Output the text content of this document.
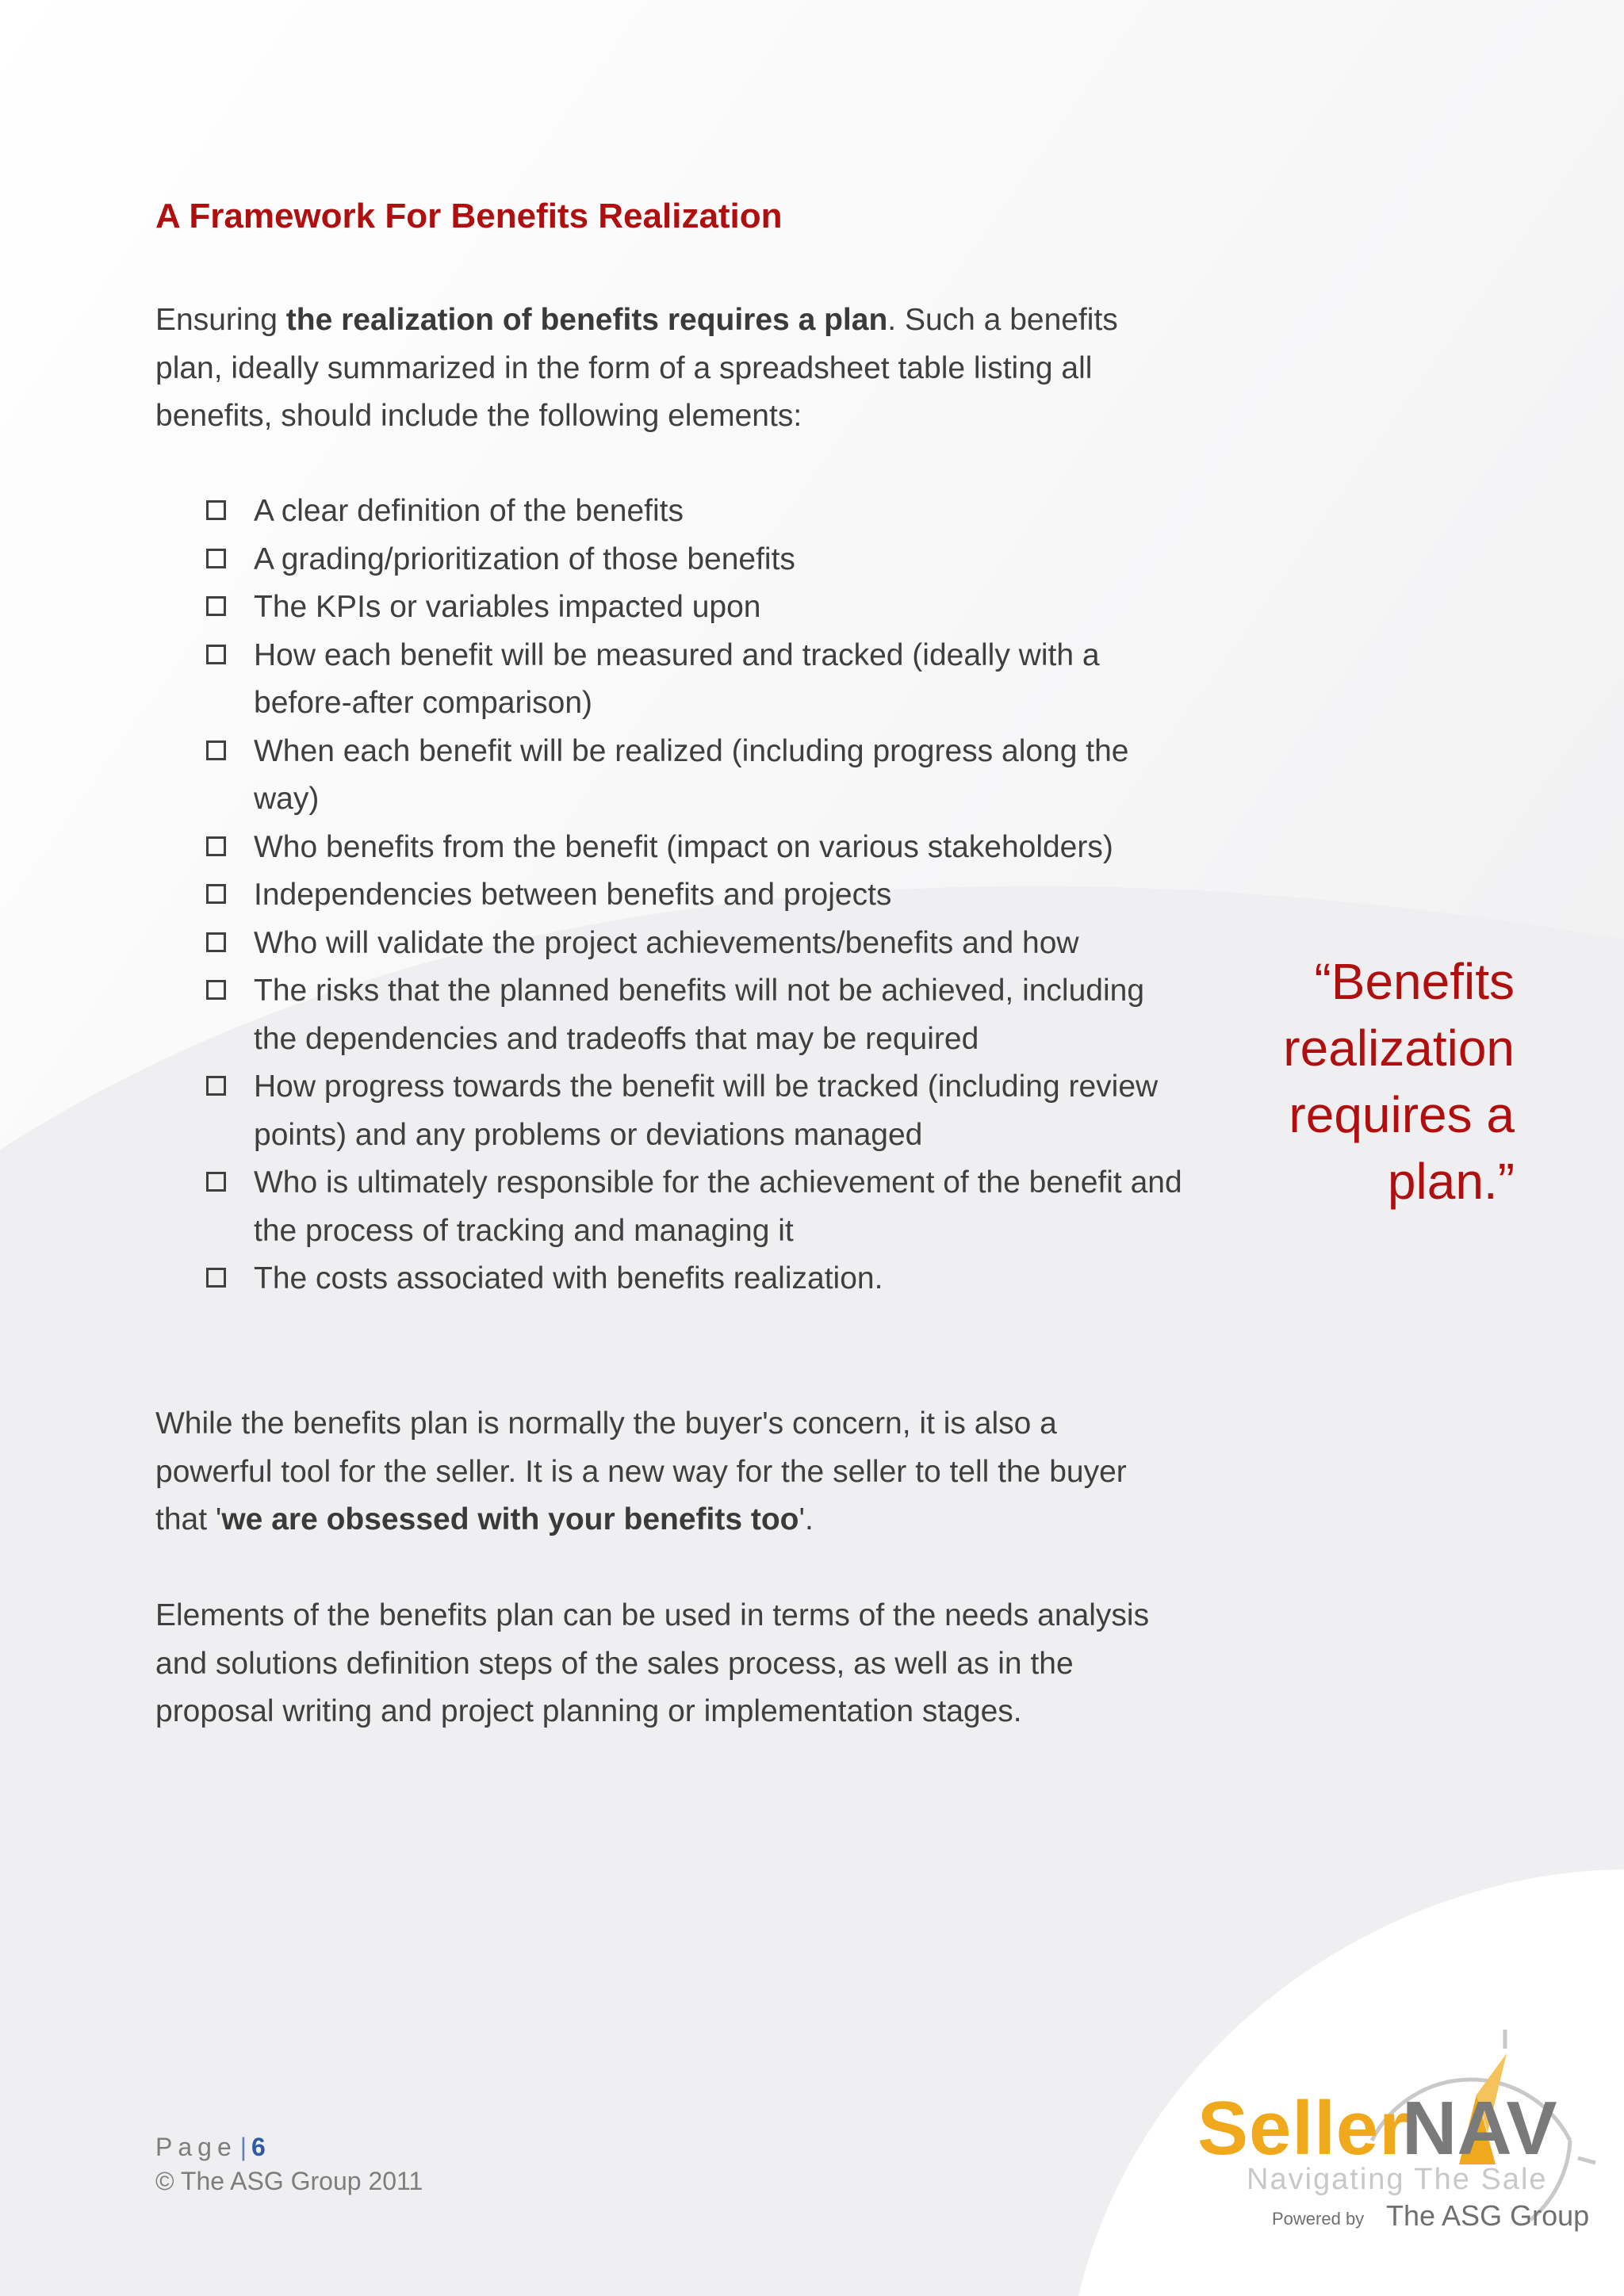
A Framework For Benefits Realization

Ensuring the realization of benefits requires a plan. Such a benefits plan, ideally summarized in the form of a spreadsheet table listing all benefits, should include the following elements:

A clear definition of the benefits
A grading/prioritization of those benefits
The KPIs or variables impacted upon
How each benefit will be measured and tracked (ideally with a before-after comparison)
When each benefit will be realized (including progress along the way)
Who benefits from the benefit (impact on various stakeholders)
Independencies between benefits and projects
Who will validate the project achievements/benefits and how
The risks that the planned benefits will not be achieved, including the dependencies and tradeoffs that may be required
How progress towards the benefit will be tracked (including review points) and any problems or deviations managed
Who is ultimately responsible for the achievement of the benefit and the process of tracking and managing it
The costs associated with benefits realization.

While the benefits plan is normally the buyer's concern, it is also a powerful tool for the seller. It is a new way for the seller to tell the buyer that 'we are obsessed with your benefits too'.

Elements of the benefits plan can be used in terms of the needs analysis and solutions definition steps of the sales process, as well as in the proposal writing and project planning or implementation stages.

“Benefits realization requires a plan.”

Page | 6
© The ASG Group 2011
Seller
NAV
Navigating The Sale
Powered by The ASG Group
